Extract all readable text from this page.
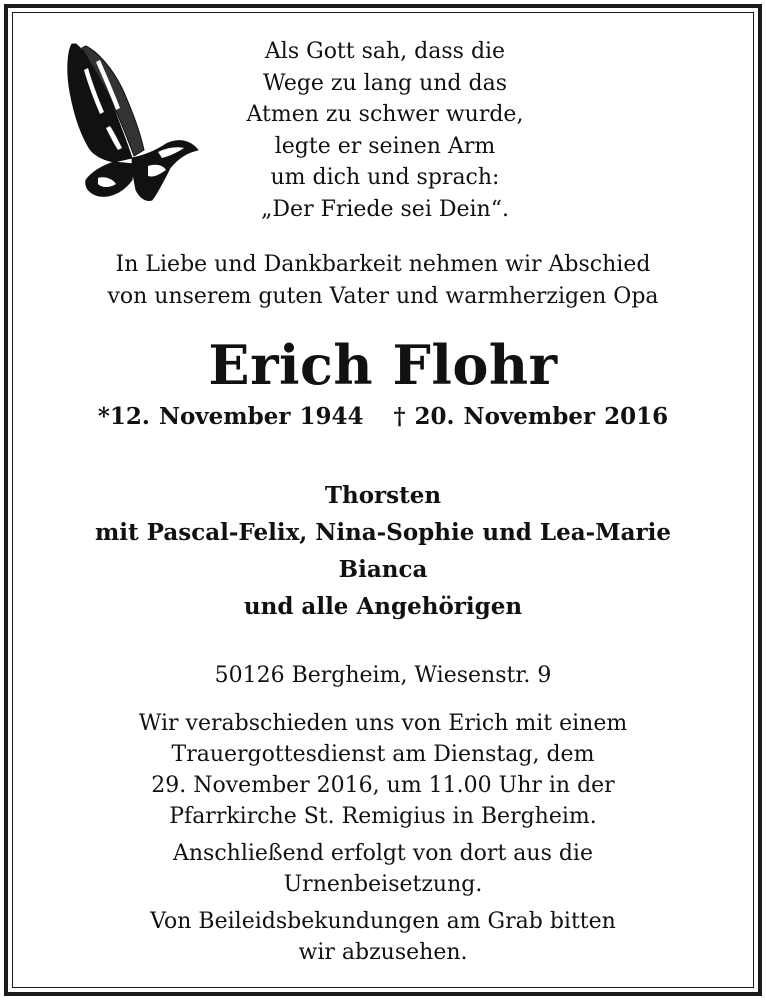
Als Gott sah, dass die
Wege zu lang und das
Atmen zu schwer wurde,
legte er seinen Arm
um dich und sprach:
„Der Friede sei Dein“.
In Liebe und Dankbarkeit nehmen wir Abschied
von unserem guten Vater und warmherzigen Opa
Erich Flohr
*12. November 1944 † 20. November 2016
Thorsten
mit Pascal-Felix, Nina-Sophie und Lea-Marie
Bianca
und alle Angehörigen
50126 Bergheim, Wiesenstr. 9
Wir verabschieden uns von Erich mit einem
Trauergottesdienst am Dienstag, dem
29. November 2016, um 11.00 Uhr in der
Pfarrkirche St. Remigius in Bergheim.
Anschließend erfolgt von dort aus die
Urnenbeisetzung.
Von Beileidsbekundungen am Grab bitten
wir abzusehen.
